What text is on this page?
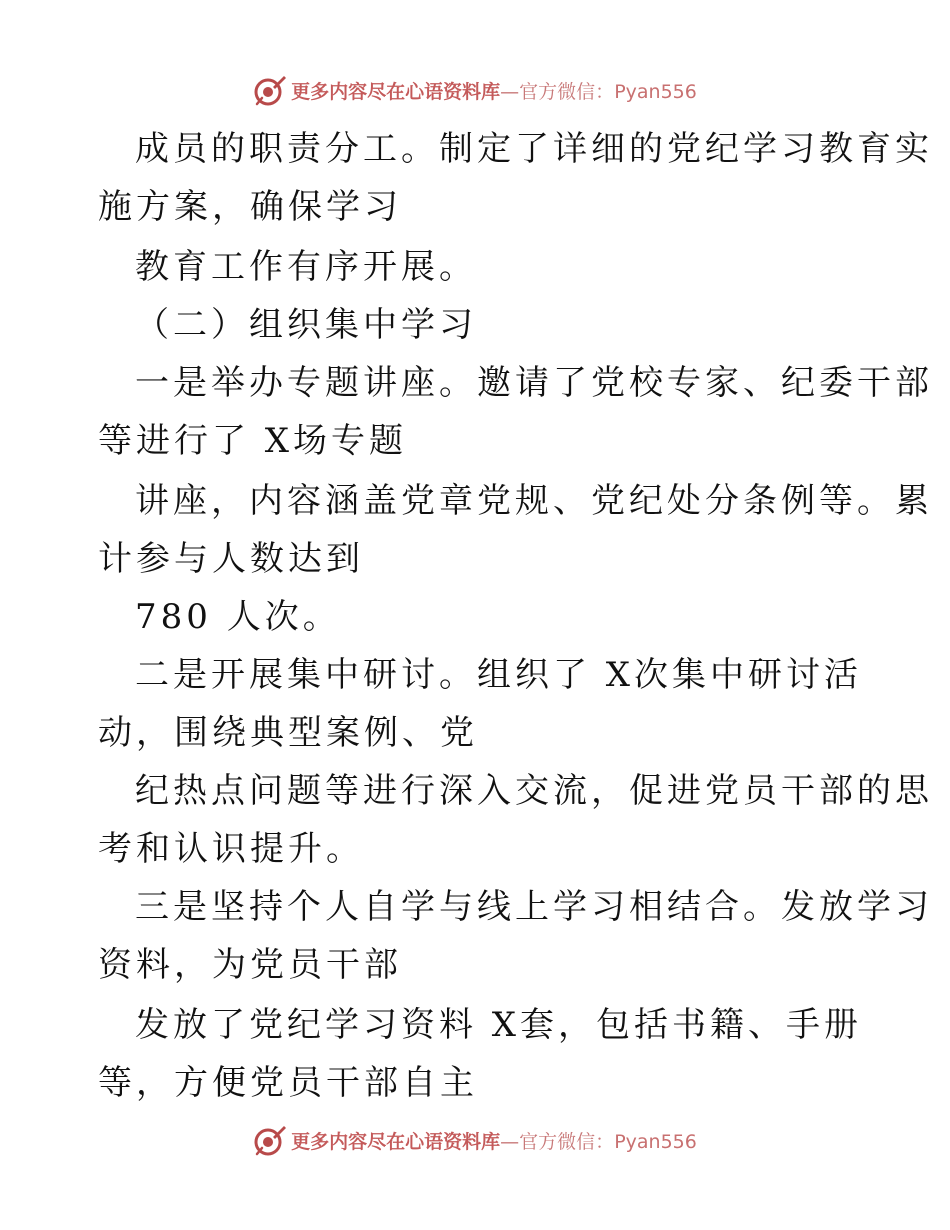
更多内容尽在心语资料库—官方微信：Pyan556
成员的职责分工。制定了详细的党纪学习教育实
施方案，确保学习
教育工作有序开展。
（二）组织集中学习
一是举办专题讲座。邀请了党校专家、纪委干部
等进行了 X场专题
讲座，内容涵盖党章党规、党纪处分条例等。累
计参与人数达到
780 人次。
二是开展集中研讨。组织了 X次集中研讨活
动，围绕典型案例、党
纪热点问题等进行深入交流，促进党员干部的思
考和认识提升。
三是坚持个人自学与线上学习相结合。发放学习
资料，为党员干部
发放了党纪学习资料 X套，包括书籍、手册
等，方便党员干部自主
更多内容尽在心语资料库—官方微信：Pyan556
